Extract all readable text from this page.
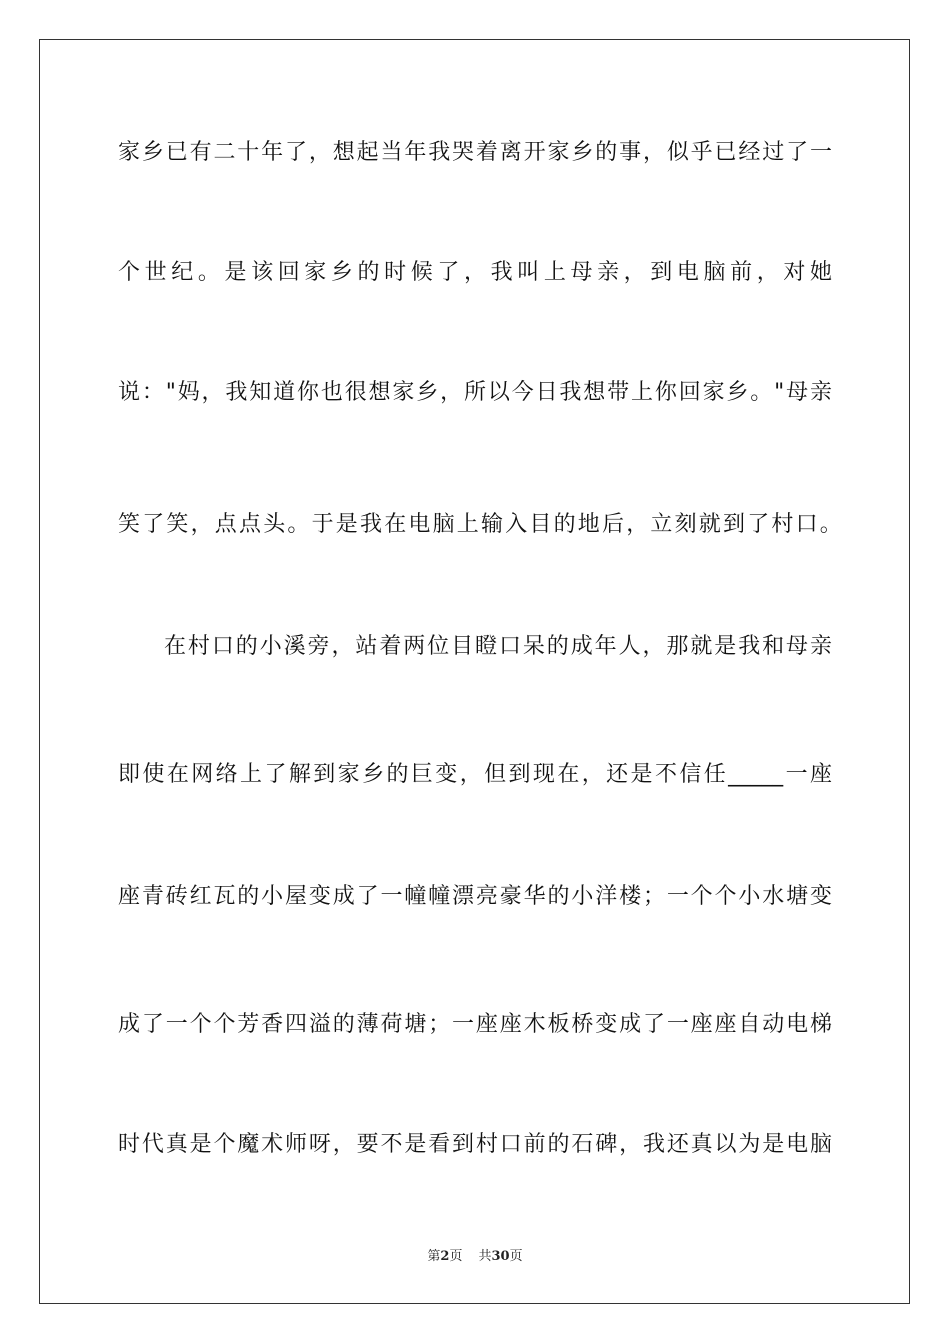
家乡已有二十年了，想起当年我哭着离开家乡的事，似乎已经过了一
个世纪。是该回家乡的时候了，我叫上母亲，到电脑前，对她
说："妈，我知道你也很想家乡，所以今日我想带上你回家乡。"母亲
笑了笑，点点头。于是我在电脑上输入目的地后，立刻就到了村口。
在村口的小溪旁，站着两位目瞪口呆的成年人，那就是我和母亲
即使在网络上了解到家乡的巨变，但到现在，还是不信任_____一座
座青砖红瓦的小屋变成了一幢幢漂亮豪华的小洋楼；一个个小水塘变
成了一个个芳香四溢的薄荷塘；一座座木板桥变成了一座座自动电梯
时代真是个魔术师呀，要不是看到村口前的石碑，我还真以为是电脑
第2页 共30页
